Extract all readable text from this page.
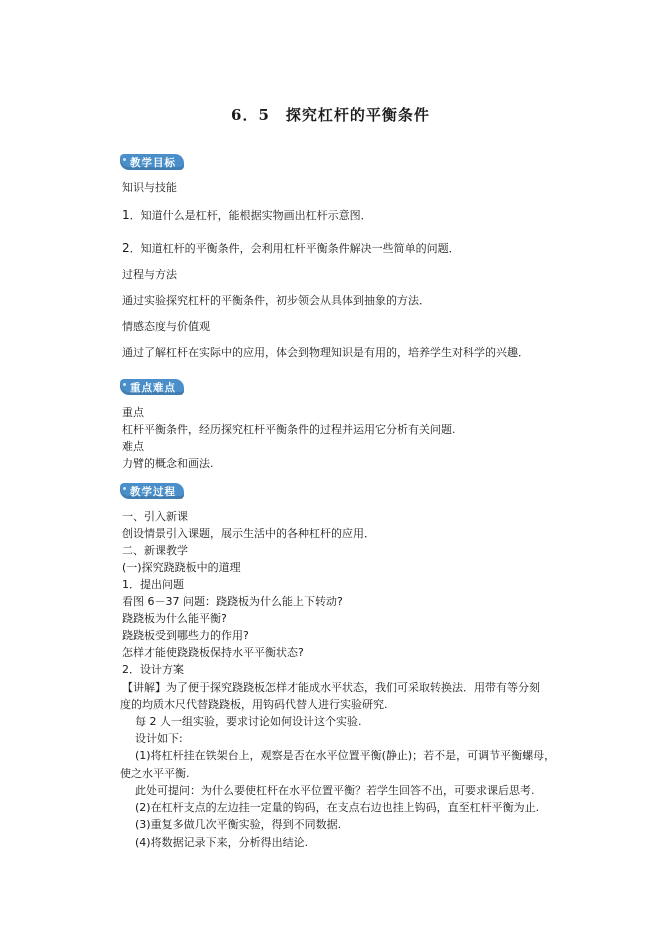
6．5　探究杠杆的平衡条件
教学目标
知识与技能
1．知道什么是杠杆，能根据实物画出杠杆示意图．
2．知道杠杆的平衡条件，会利用杠杆平衡条件解决一些简单的问题．
过程与方法
通过实验探究杠杆的平衡条件，初步领会从具体到抽象的方法．
情感态度与价值观
通过了解杠杆在实际中的应用，体会到物理知识是有用的，培养学生对科学的兴趣．
重点难点
重点
杠杆平衡条件，经历探究杠杆平衡条件的过程并运用它分析有关问题.
难点
力臂的概念和画法.
教学过程
一、引入新课
创设情景引入课题，展示生活中的各种杠杆的应用．
二、新课教学
(一)探究跷跷板中的道理
1．提出问题
看图 6－37 问题：跷跷板为什么能上下转动?
跷跷板为什么能平衡?
跷跷板受到哪些力的作用?
怎样才能使跷跷板保持水平平衡状态?
2．设计方案
【讲解】为了便于探究跷跷板怎样才能成水平状态，我们可采取转换法．用带有等分刻
度的均质木尺代替跷跷板，用钩码代替人进行实验研究.
每 2 人一组实验，要求讨论如何设计这个实验.
设计如下:
(1)将杠杆挂在铁架台上，观察是否在水平位置平衡(静止)；若不是，可调节平衡螺母，
使之水平平衡.
此处可提问：为什么要使杠杆在水平位置平衡？若学生回答不出，可要求课后思考.
(2)在杠杆支点的左边挂一定量的钩码，在支点右边也挂上钩码，直至杠杆平衡为止.
(3)重复多做几次平衡实验，得到不同数据.
(4)将数据记录下来，分析得出结论.
